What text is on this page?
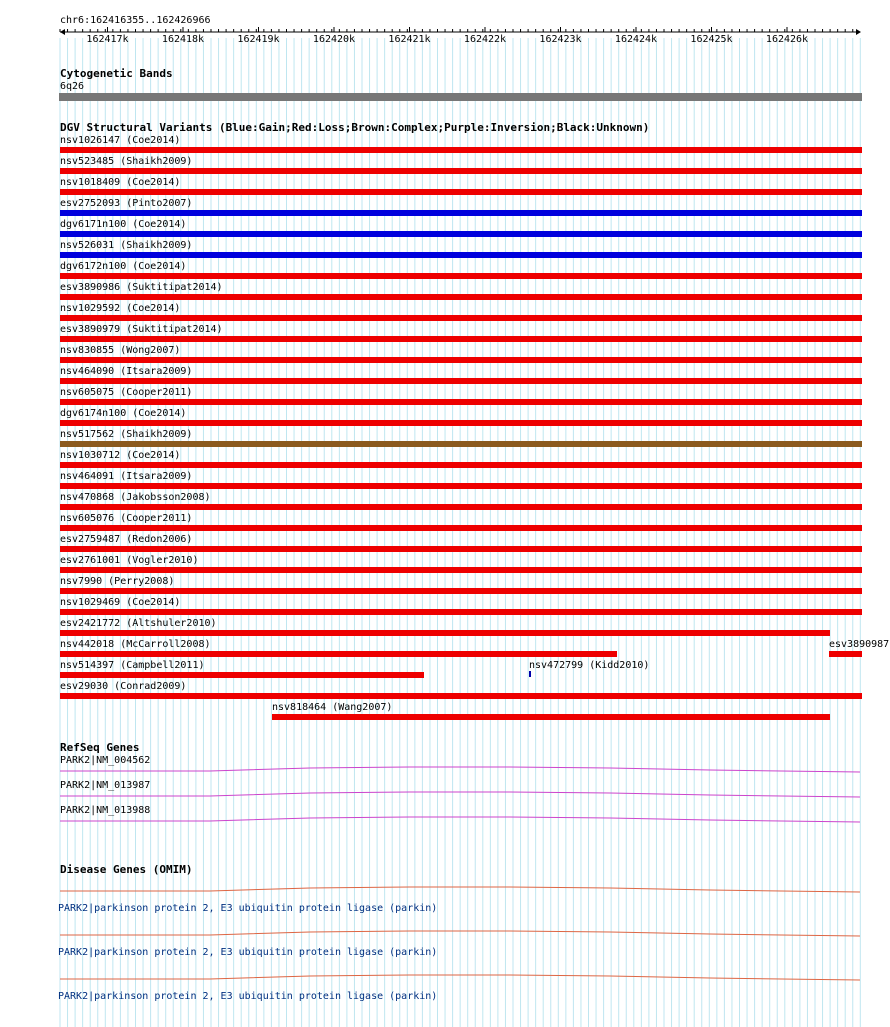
chr6:162416355..162426966
162417k	162418k	162419k	162420k	162421k	162422k	162423k	162424k	162425k	162426k
Cytogenetic Bands
6q26
DGV Structural Variants (Blue:Gain;Red:Loss;Brown:Complex;Purple:Inversion;Black:Unknown)
nsv1026147 (Coe2014)
nsv523485 (Shaikh2009)
nsv1018409 (Coe2014)
esv2752093 (Pinto2007)
dgv6171n100 (Coe2014)
nsv526031 (Shaikh2009)
dgv6172n100 (Coe2014)
esv3890986 (Suktitipat2014)
nsv1029592 (Coe2014)
esv3890979 (Suktitipat2014)
nsv830855 (Wong2007)
nsv464090 (Itsara2009)
nsv605075 (Cooper2011)
dgv6174n100 (Coe2014)
nsv517562 (Shaikh2009)
nsv1030712 (Coe2014)
nsv464091 (Itsara2009)
nsv470868 (Jakobsson2008)
nsv605076 (Cooper2011)
esv2759487 (Redon2006)
esv2761001 (Vogler2010)
nsv7990 (Perry2008)
nsv1029469 (Coe2014)
esv2421772 (Altshuler2010)
nsv442018 (McCarroll2008)	esv3890987
nsv514397 (Campbell2011)	nsv472799 (Kidd2010)
esv29030 (Conrad2009)
nsv818464 (Wang2007)
RefSeq Genes
PARK2|NM_004562
PARK2|NM_013987
PARK2|NM_013988
Disease Genes (OMIM)
PARK2|parkinson protein 2, E3 ubiquitin protein ligase (parkin)
PARK2|parkinson protein 2, E3 ubiquitin protein ligase (parkin)
PARK2|parkinson protein 2, E3 ubiquitin protein ligase (parkin)
